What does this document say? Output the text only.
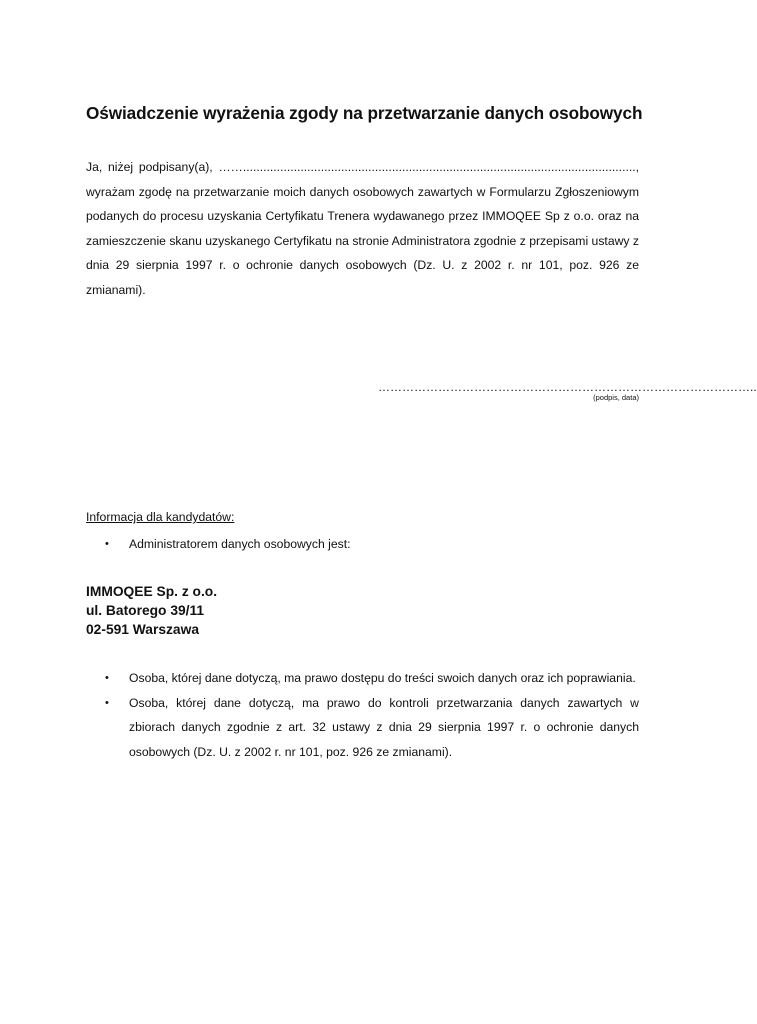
Oświadczenie wyrażenia zgody na przetwarzanie danych osobowych

Ja, niżej podpisany(a), ……...................................................................................................................., wyrażam zgodę na przetwarzanie moich danych osobowych zawartych w Formularzu Zgłoszeniowym podanych do procesu uzyskania Certyfikatu Trenera wydawanego przez IMMOQEE Sp z o.o. oraz na zamieszczenie skanu uzyskanego Certyfikatu na stronie Administratora zgodnie z przepisami ustawy z dnia 29 sierpnia 1997 r. o ochronie danych osobowych (Dz. U. z 2002 r. nr 101, poz. 926 ze zmianami).

…………………………………………………………………………………..
(podpis, data)
Informacja dla kandydatów:
• Administratorem danych osobowych jest:
IMMOQEE Sp. z o.o.
ul. Batorego 39/11
02-591 Warszawa
• Osoba, której dane dotyczą, ma prawo dostępu do treści swoich danych oraz ich poprawiania.
• Osoba, której dane dotyczą, ma prawo do kontroli przetwarzania danych zawartych w zbiorach danych zgodnie z art. 32 ustawy z dnia 29 sierpnia 1997 r. o ochronie danych osobowych (Dz. U. z 2002 r. nr 101, poz. 926 ze zmianami).
